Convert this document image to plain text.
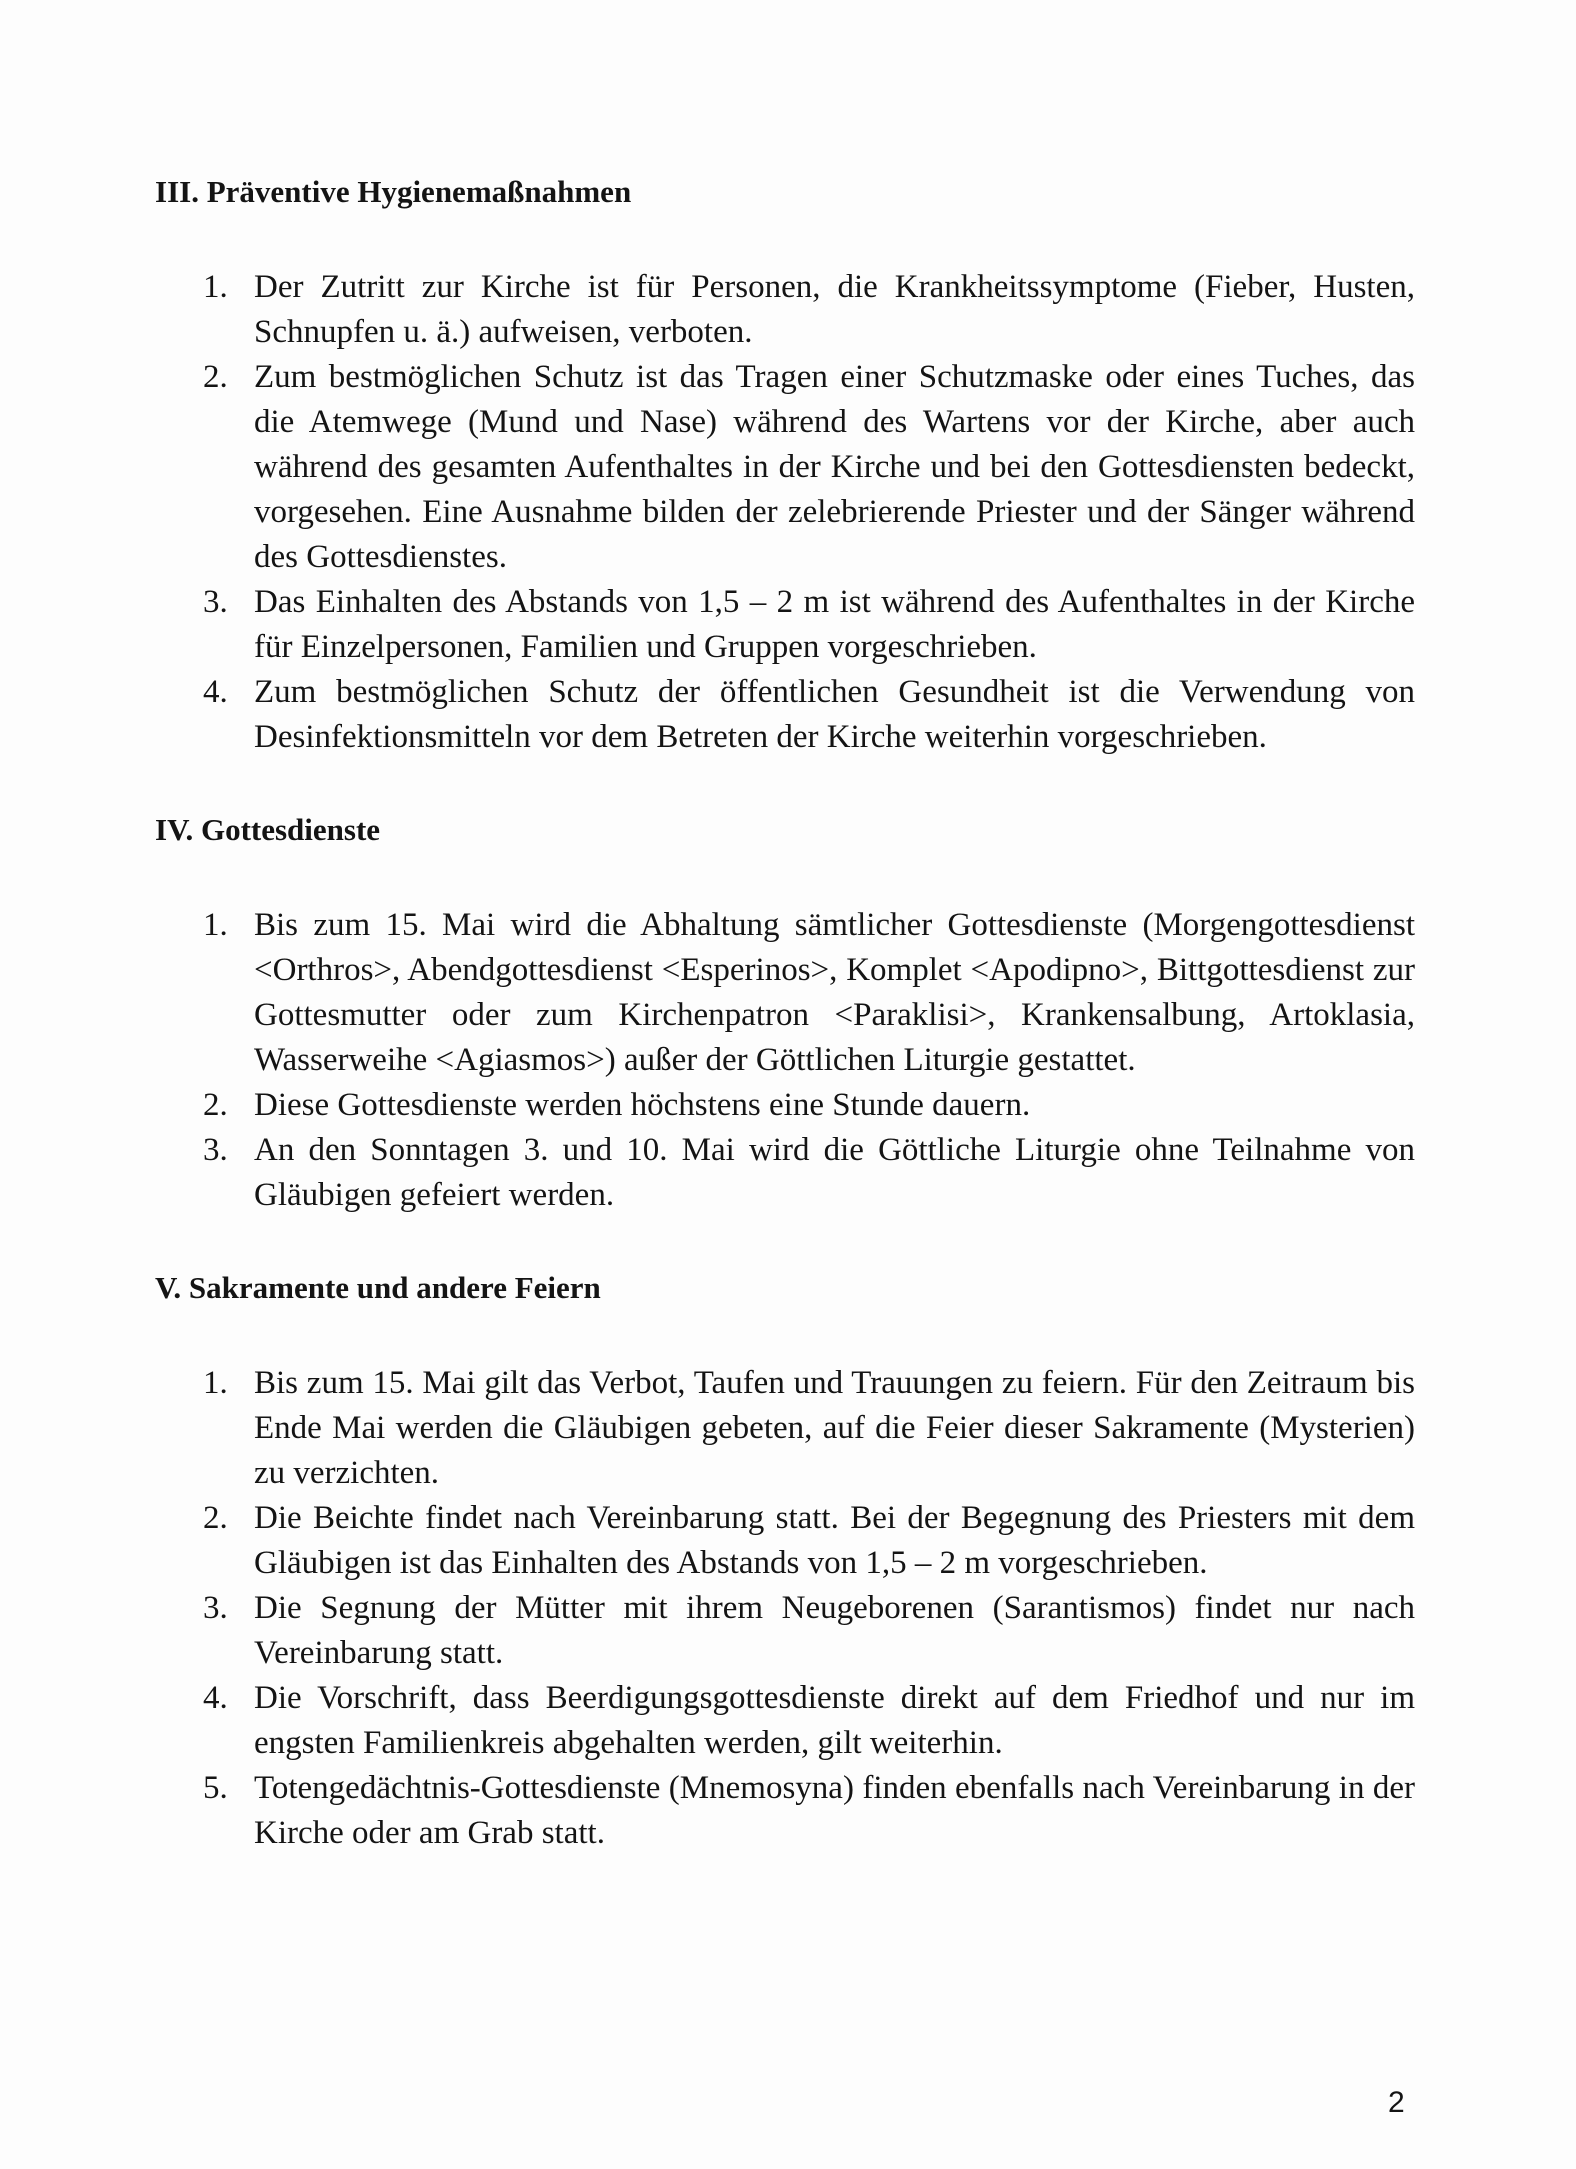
III. Präventive Hygienemaßnahmen
1. Der Zutritt zur Kirche ist für Personen, die Krankheitssymptome (Fieber, Husten, Schnupfen u. ä.) aufweisen, verboten.
2. Zum bestmöglichen Schutz ist das Tragen einer Schutzmaske oder eines Tuches, das die Atemwege (Mund und Nase) während des Wartens vor der Kirche, aber auch während des gesamten Aufenthaltes in der Kirche und bei den Gottesdiensten bedeckt, vorgesehen. Eine Ausnahme bilden der zelebrierende Priester und der Sänger während des Gottesdienstes.
3. Das Einhalten des Abstands von 1,5 – 2 m ist während des Aufenthaltes in der Kirche für Einzelpersonen, Familien und Gruppen vorgeschrieben.
4. Zum bestmöglichen Schutz der öffentlichen Gesundheit ist die Verwendung von Desinfektionsmitteln vor dem Betreten der Kirche weiterhin vorgeschrieben.
IV. Gottesdienste
1. Bis zum 15. Mai wird die Abhaltung sämtlicher Gottesdienste (Morgengottesdienst <Orthros>, Abendgottesdienst <Esperinos>, Komplet <Apodipno>, Bittgottesdienst zur Gottesmutter oder zum Kirchenpatron <Paraklisi>, Krankensalbung, Artoklasia, Wasserweihe <Agiasmos>) außer der Göttlichen Liturgie gestattet.
2. Diese Gottesdienste werden höchstens eine Stunde dauern.
3. An den Sonntagen 3. und 10. Mai wird die Göttliche Liturgie ohne Teilnahme von Gläubigen gefeiert werden.
V. Sakramente und andere Feiern
1. Bis zum 15. Mai gilt das Verbot, Taufen und Trauungen zu feiern. Für den Zeitraum bis Ende Mai werden die Gläubigen gebeten, auf die Feier dieser Sakramente (Mysterien) zu verzichten.
2. Die Beichte findet nach Vereinbarung statt. Bei der Begegnung des Priesters mit dem Gläubigen ist das Einhalten des Abstands von 1,5 – 2 m vorgeschrieben.
3. Die Segnung der Mütter mit ihrem Neugeborenen (Sarantismos) findet nur nach Vereinbarung statt.
4. Die Vorschrift, dass Beerdigungsgottesdienste direkt auf dem Friedhof und nur im engsten Familienkreis abgehalten werden, gilt weiterhin.
5. Totengedächtnis-Gottesdienste (Mnemosyna) finden ebenfalls nach Vereinbarung in der Kirche oder am Grab statt.
2
